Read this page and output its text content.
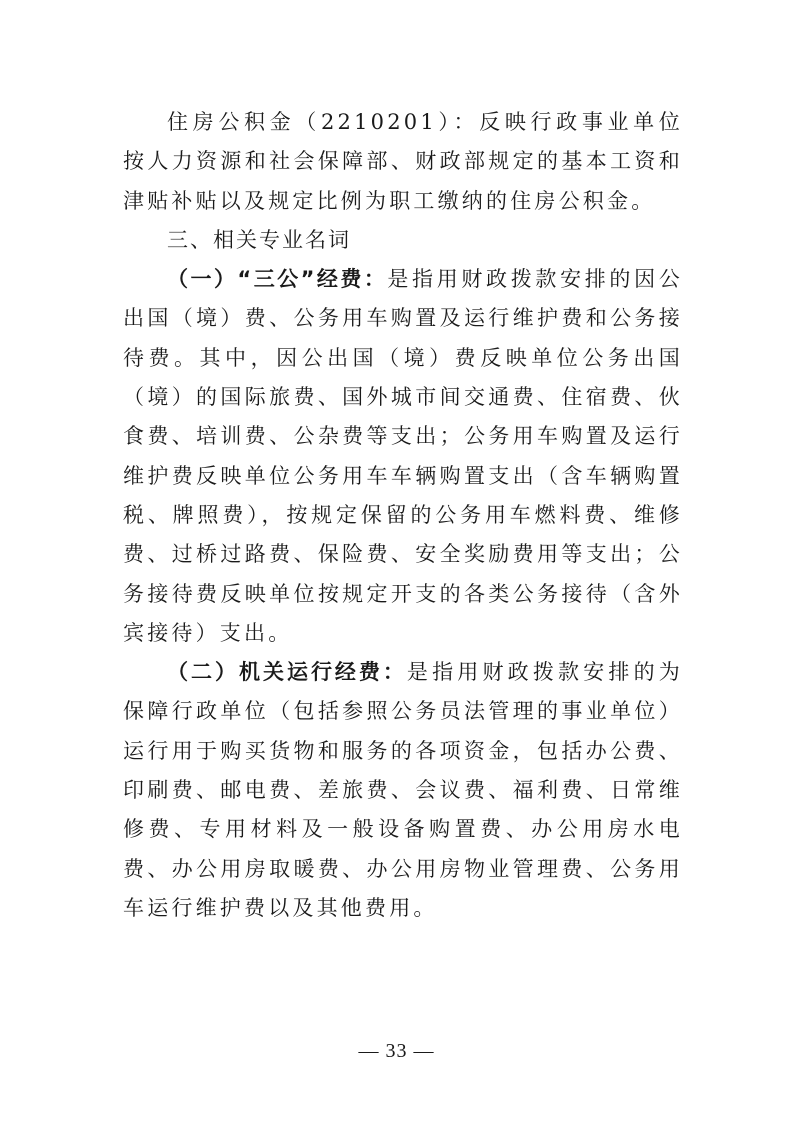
住房公积金（2210201）：反映行政事业单位按人力资源和社会保障部、财政部规定的基本工资和津贴补贴以及规定比例为职工缴纳的住房公积金。

三、相关专业名词

（一）“三公”经费：是指用财政拨款安排的因公出国（境）费、公务用车购置及运行维护费和公务接待费。其中，因公出国（境）费反映单位公务出国（境）的国际旅费、国外城市间交通费、住宿费、伙食费、培训费、公杂费等支出；公务用车购置及运行维护费反映单位公务用车车辆购置支出（含车辆购置税、牌照费），按规定保留的公务用车燃料费、维修费、过桥过路费、保险费、安全奖励费用等支出；公务接待费反映单位按规定开支的各类公务接待（含外宾接待）支出。

（二）机关运行经费：是指用财政拨款安排的为保障行政单位（包括参照公务员法管理的事业单位）运行用于购买货物和服务的各项资金，包括办公费、印刷费、邮电费、差旅费、会议费、福利费、日常维修费、专用材料及一般设备购置费、办公用房水电费、办公用房取暖费、办公用房物业管理费、公务用车运行维护费以及其他费用。

— 33 —
